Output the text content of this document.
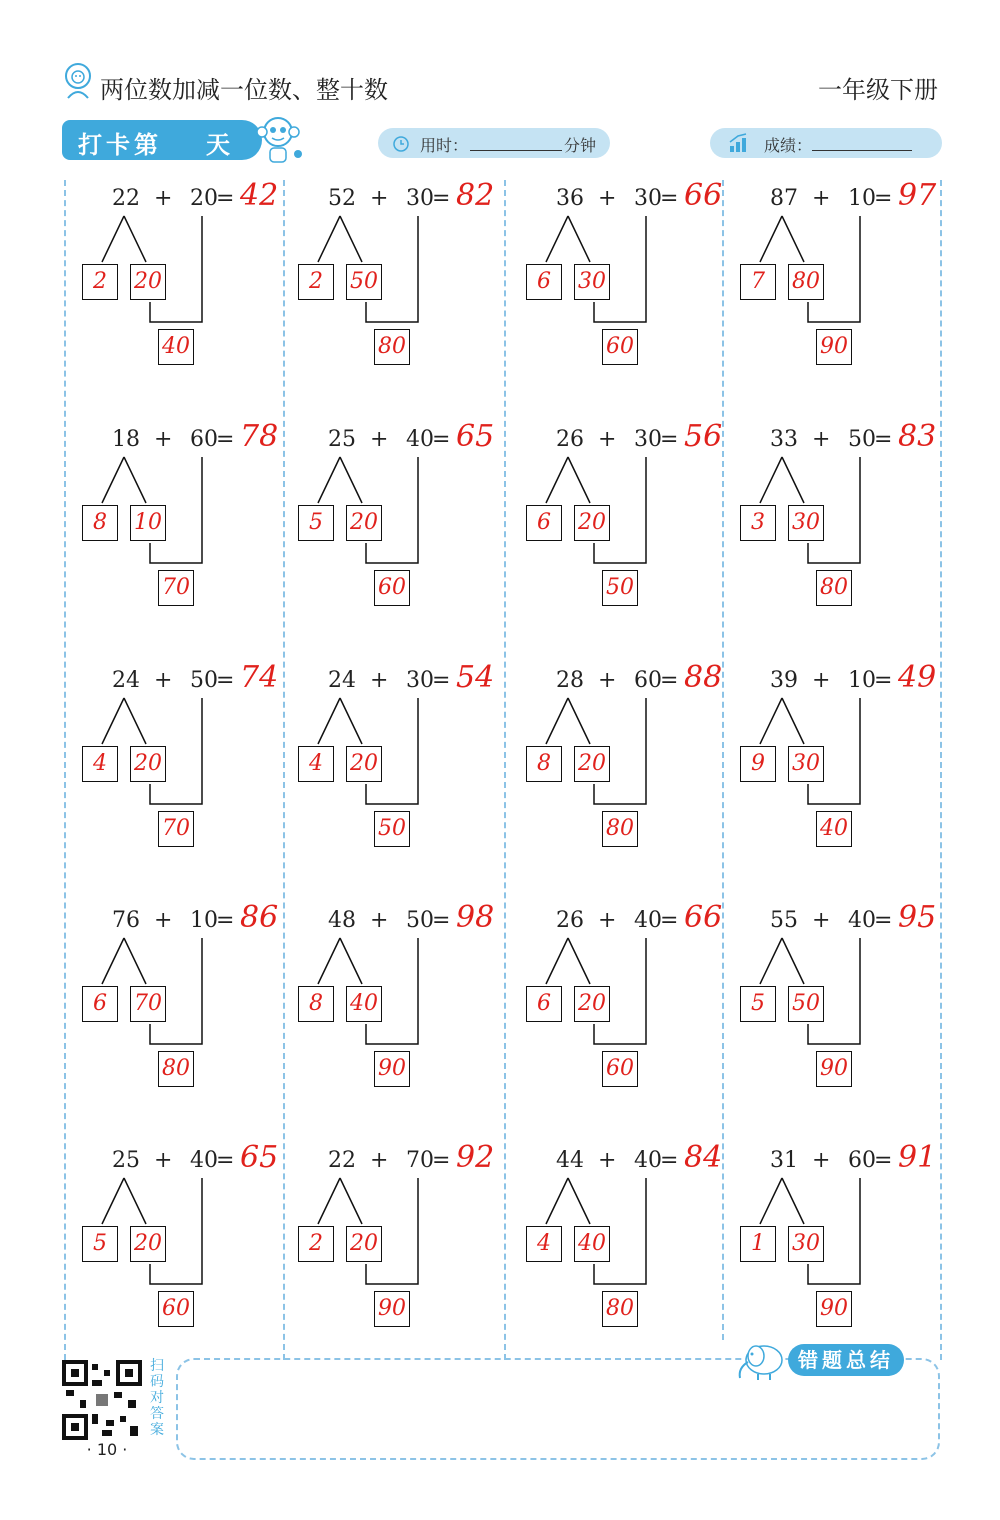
两位数加减一位数、整十数	一年级下册
打卡第 天	用时：	分钟	成绩：
22 + 20
= 42
2	20
40
52 + 30
= 82
2	50
80
36 + 30
= 66
6	30
60
87 + 10
= 97
7	80
90
18 + 60
= 78
8	10
70
25 + 40
= 65
5	20
60
26 + 30
= 56
6	20
50
33 + 50
= 83
3	30
80
24 + 50
= 74
4	20
70
24 + 30
= 54
4	20
50
28 + 60
= 88
8	20
80
39 + 10
= 49
9	30
40
76 + 10
= 86
6	70
80
48 + 50
= 98
8	40
90
26 + 40
= 66
6	20
60
55 + 40
= 95
5	50
90
25 + 40
= 65
5	20
60
22 + 70
= 92
2	20
90
44 + 40
= 84
4	40
80
31 + 60
= 91
1	30
90
扫码对答案
· 10 ·
错题总结
